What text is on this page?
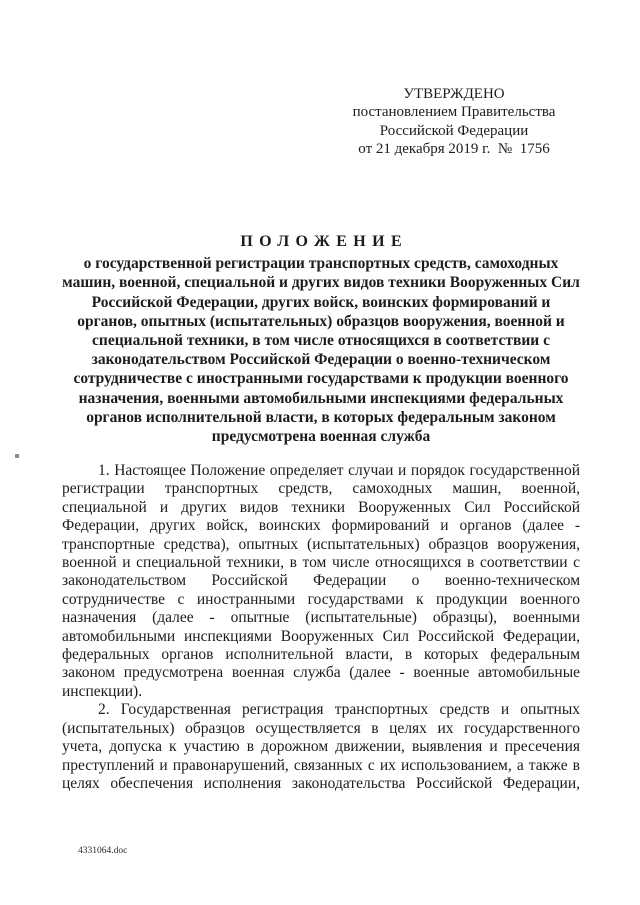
УТВЕРЖДЕНО
постановлением Правительства
Российской Федерации
от 21 декабря 2019 г. № 1756
ПОЛОЖЕНИЕ
о государственной регистрации транспортных средств, самоходных машин, военной, специальной и других видов техники Вооруженных Сил Российской Федерации, других войск, воинских формирований и органов, опытных (испытательных) образцов вооружения, военной и специальной техники, в том числе относящихся в соответствии с законодательством Российской Федерации о военно-техническом сотрудничестве с иностранными государствами к продукции военного назначения, военными автомобильными инспекциями федеральных органов исполнительной власти, в которых федеральным законом предусмотрена военная служба

1. Настоящее Положение определяет случаи и порядок государственной регистрации транспортных средств, самоходных машин, военной, специальной и других видов техники Вооруженных Сил Российской Федерации, других войск, воинских формирований и органов (далее - транспортные средства), опытных (испытательных) образцов вооружения, военной и специальной техники, в том числе относящихся в соответствии с законодательством Российской Федерации о военно-техническом сотрудничестве с иностранными государствами к продукции военного назначения (далее - опытные (испытательные) образцы), военными автомобильными инспекциями Вооруженных Сил Российской Федерации, федеральных органов исполнительной власти, в которых федеральным законом предусмотрена военная служба (далее - военные автомобильные инспекции).

2. Государственная регистрация транспортных средств и опытных (испытательных) образцов осуществляется в целях их государственного учета, допуска к участию в дорожном движении, выявления и пресечения преступлений и правонарушений, связанных с их использованием, а также в целях обеспечения исполнения законодательства Российской Федерации,

4331064.doc
